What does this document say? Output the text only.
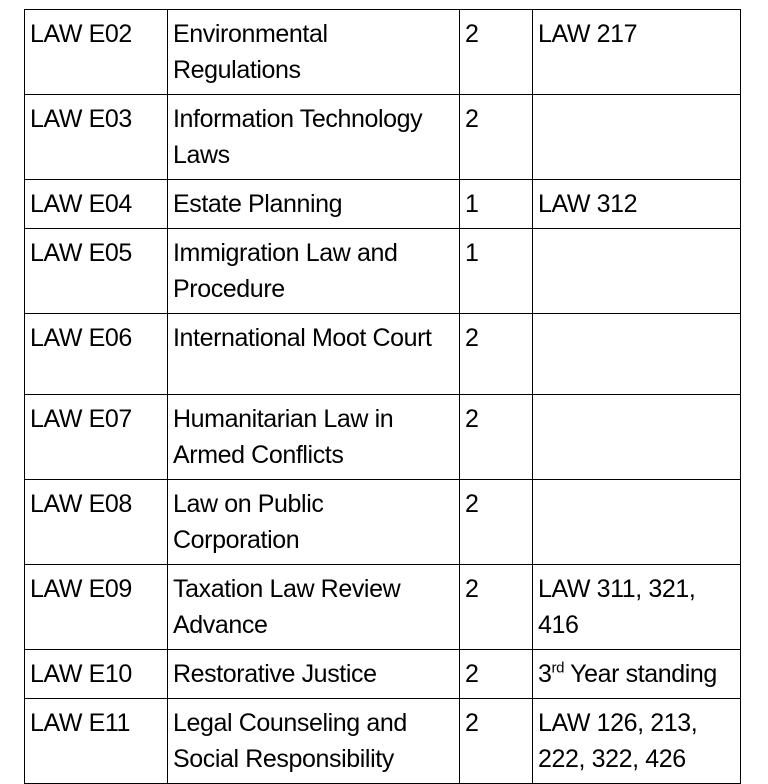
LAW E02	Environmental Regulations	2	LAW 217
LAW E03	Information Technology Laws	2	
LAW E04	Estate Planning	1	LAW 312
LAW E05	Immigration Law and Procedure	1	
LAW E06	International Moot Court	2	
LAW E07	Humanitarian Law in Armed Conflicts	2	
LAW E08	Law on Public Corporation	2	
LAW E09	Taxation Law Review Advance	2	LAW 311, 321, 416
LAW E10	Restorative Justice	2	3rd Year standing
LAW E11	Legal Counseling and Social Responsibility	2	LAW 126, 213, 222, 322, 426
